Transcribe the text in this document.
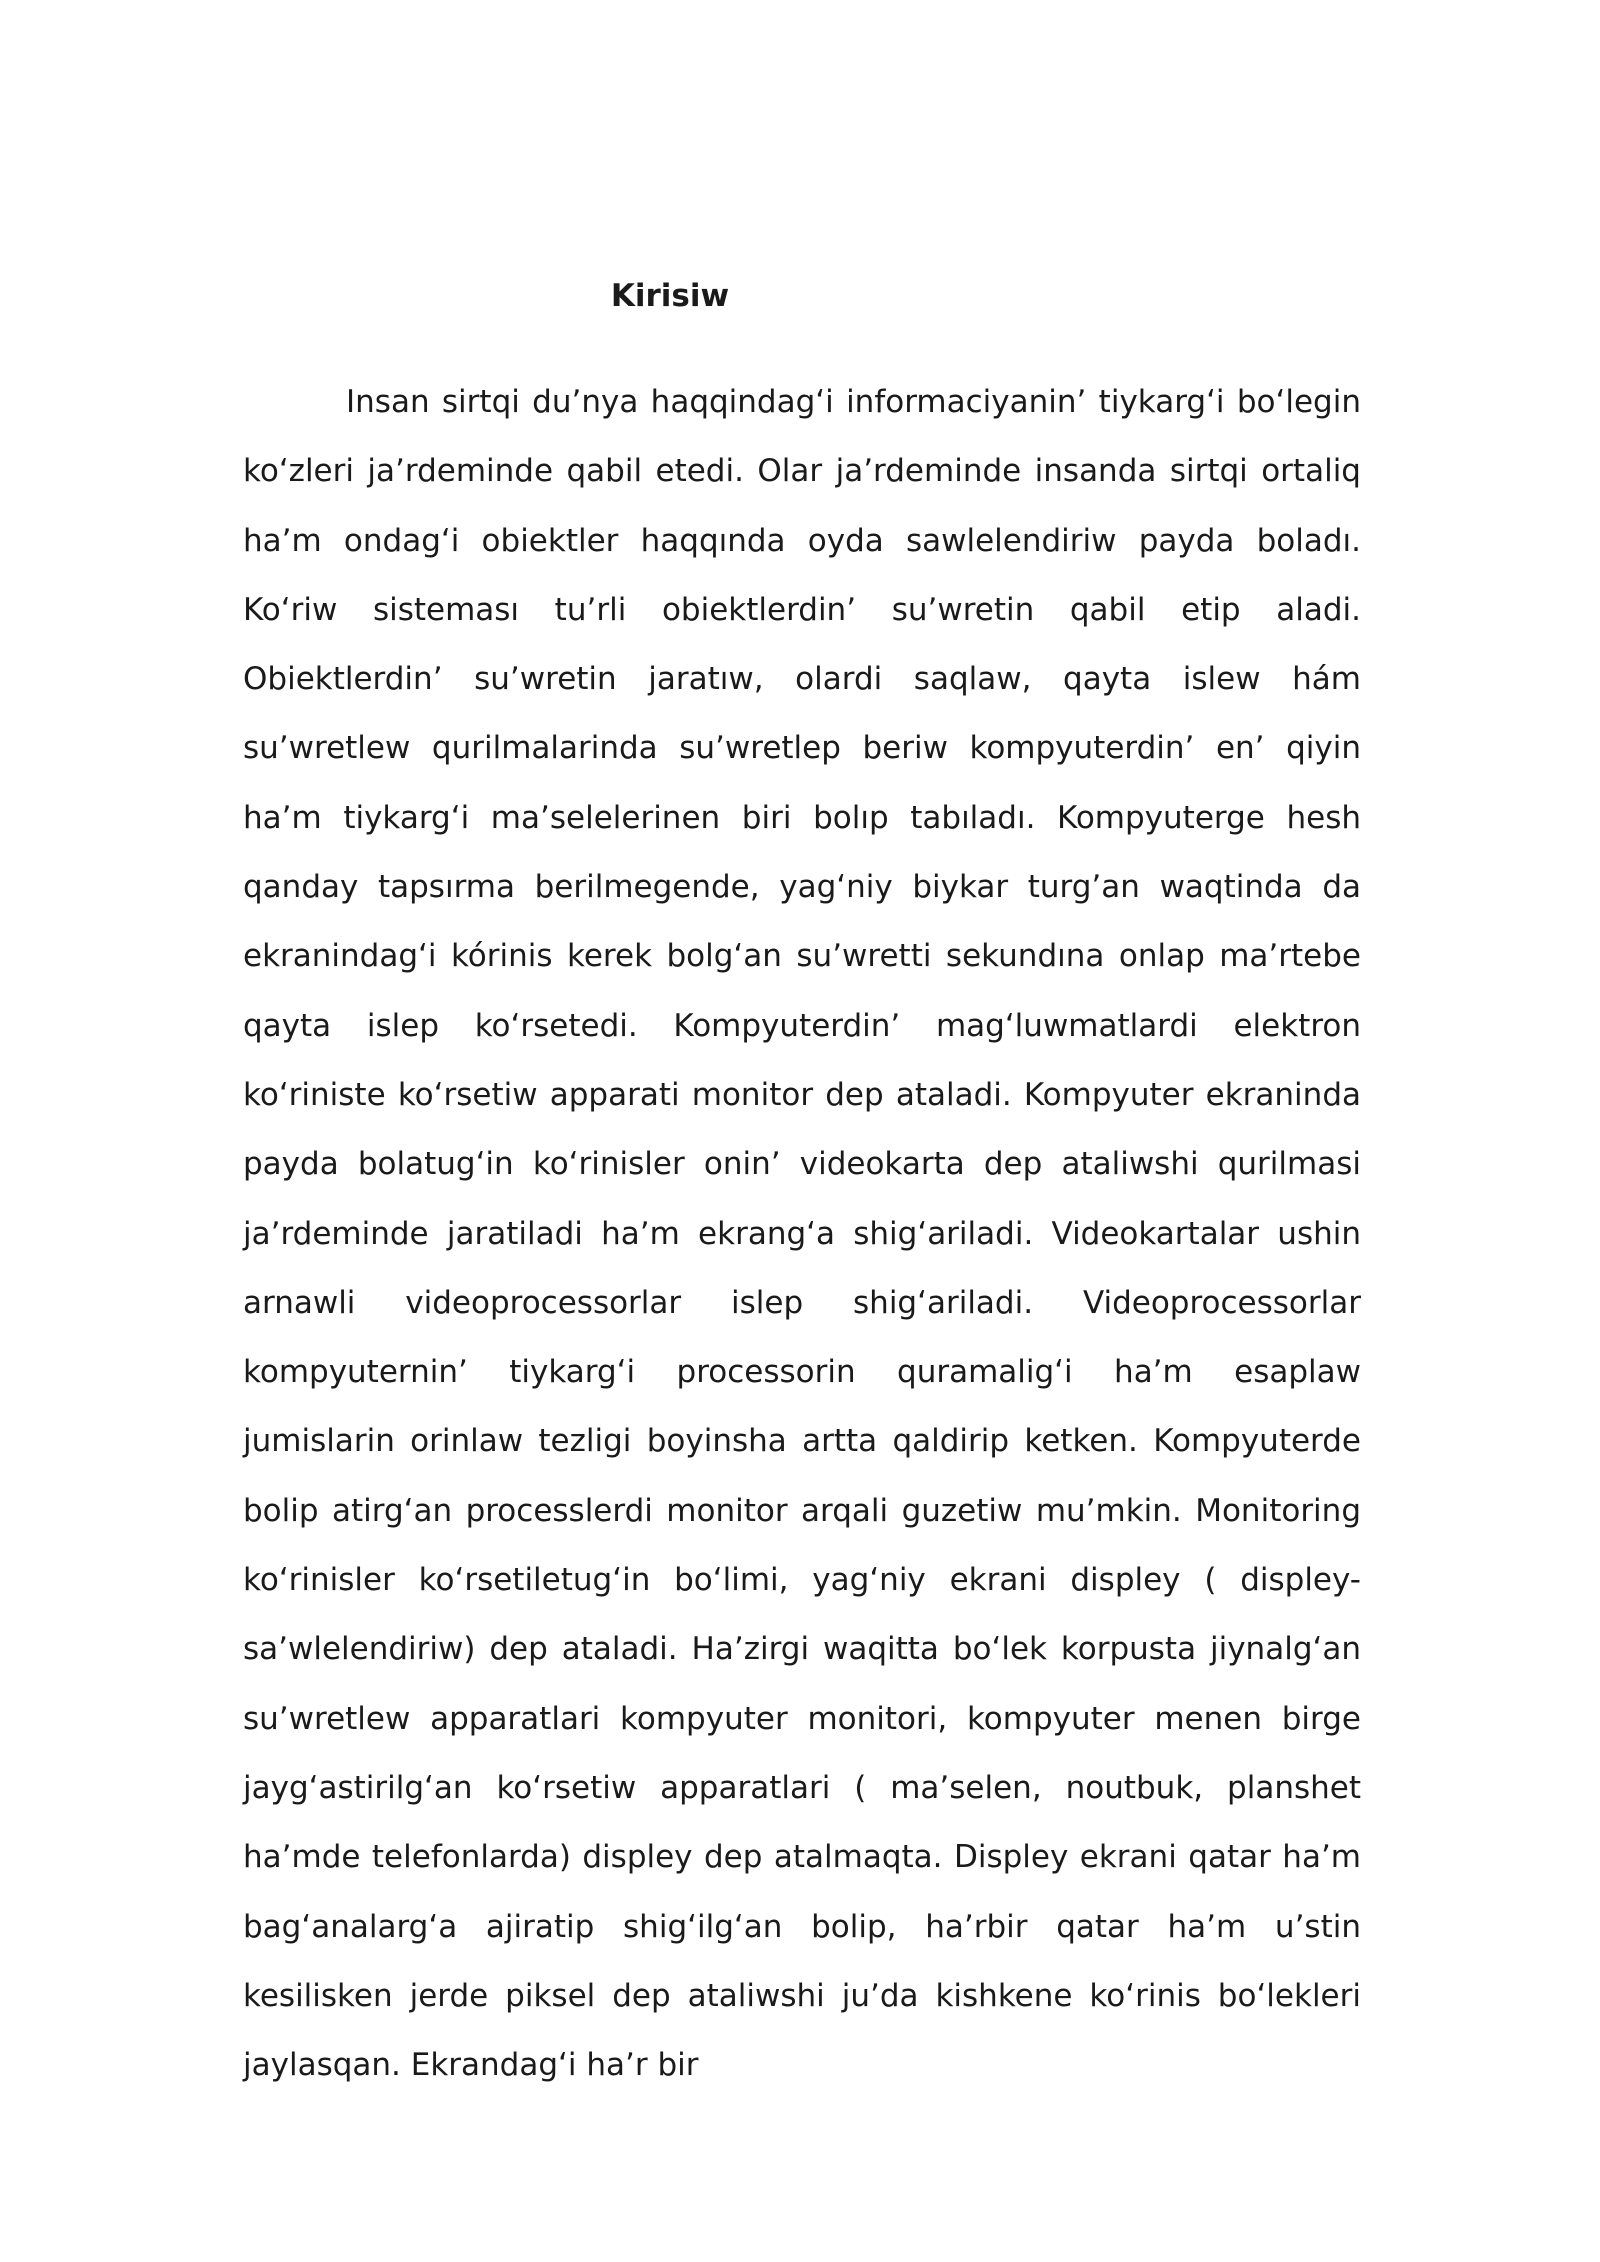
Kirisiw

Insan sirtqi du’nya haqqindagʻi informaciyanin’ tiykargʻi boʻlegin koʻzleri ja’rdeminde qabil etedi. Olar ja’rdeminde insanda sirtqi ortaliq ha’m ondagʻi obiektler haqqında oyda sawlelendiriw payda boladı. Koʻriw sisteması tu’rli obiektlerdin’ su’wretin qabil etip aladi. Obiektlerdin’ su’wretin jaratıw, olardi saqlaw, qayta islew hám su’wretlew qurilmalarinda su’wretlep beriw kompyuterdin’ en’ qiyin ha’m tiykargʻi ma’selelerinen biri bolıp tabıladı. Kompyuterge hesh qanday tapsırma berilmegende, yagʻniy biykar turg’an waqtinda da ekranindagʻi kórinis kerek bolgʻan su’wretti sekundına onlap ma’rtebe qayta islep koʻrsetedi. Kompyuterdin’ magʻluwmatlardi elektron koʻriniste koʻrsetiw apparati monitor dep ataladi. Kompyuter ekraninda payda bolatugʻin koʻrinisler onin’ videokarta dep ataliwshi qurilmasi ja’rdeminde jaratiladi ha’m ekrangʻa shigʻariladi. Videokartalar ushin arnawli videoprocessorlar islep shigʻariladi. Videoprocessorlar kompyuternin’ tiykargʻi processorin quramaligʻi ha’m esaplaw jumislarin orinlaw tezligi boyinsha artta qaldirip ketken. Kompyuterde bolip atirgʻan processlerdi monitor arqali guzetiw mu’mkin. Monitoring koʻrinisler koʻrsetiletugʻin boʻlimi, yagʻniy ekrani displey ( displey-sa’wlelendiriw) dep ataladi. Ha’zirgi waqitta boʻlek korpusta jiynalgʻan su’wretlew apparatlari kompyuter monitori, kompyuter menen birge jaygʻastirilgʻan koʻrsetiw apparatlari ( ma’selen, noutbuk, planshet ha’mde telefonlarda) displey dep atalmaqta. Displey ekrani qatar ha’m bagʻanalargʻa ajiratip shigʻilgʻan bolip, ha’rbir qatar ha’m u’stin kesilisken jerde piksel dep ataliwshi ju’da kishkene koʻrinis boʻlekleri jaylasqan. Ekrandagʻi ha’r bir
